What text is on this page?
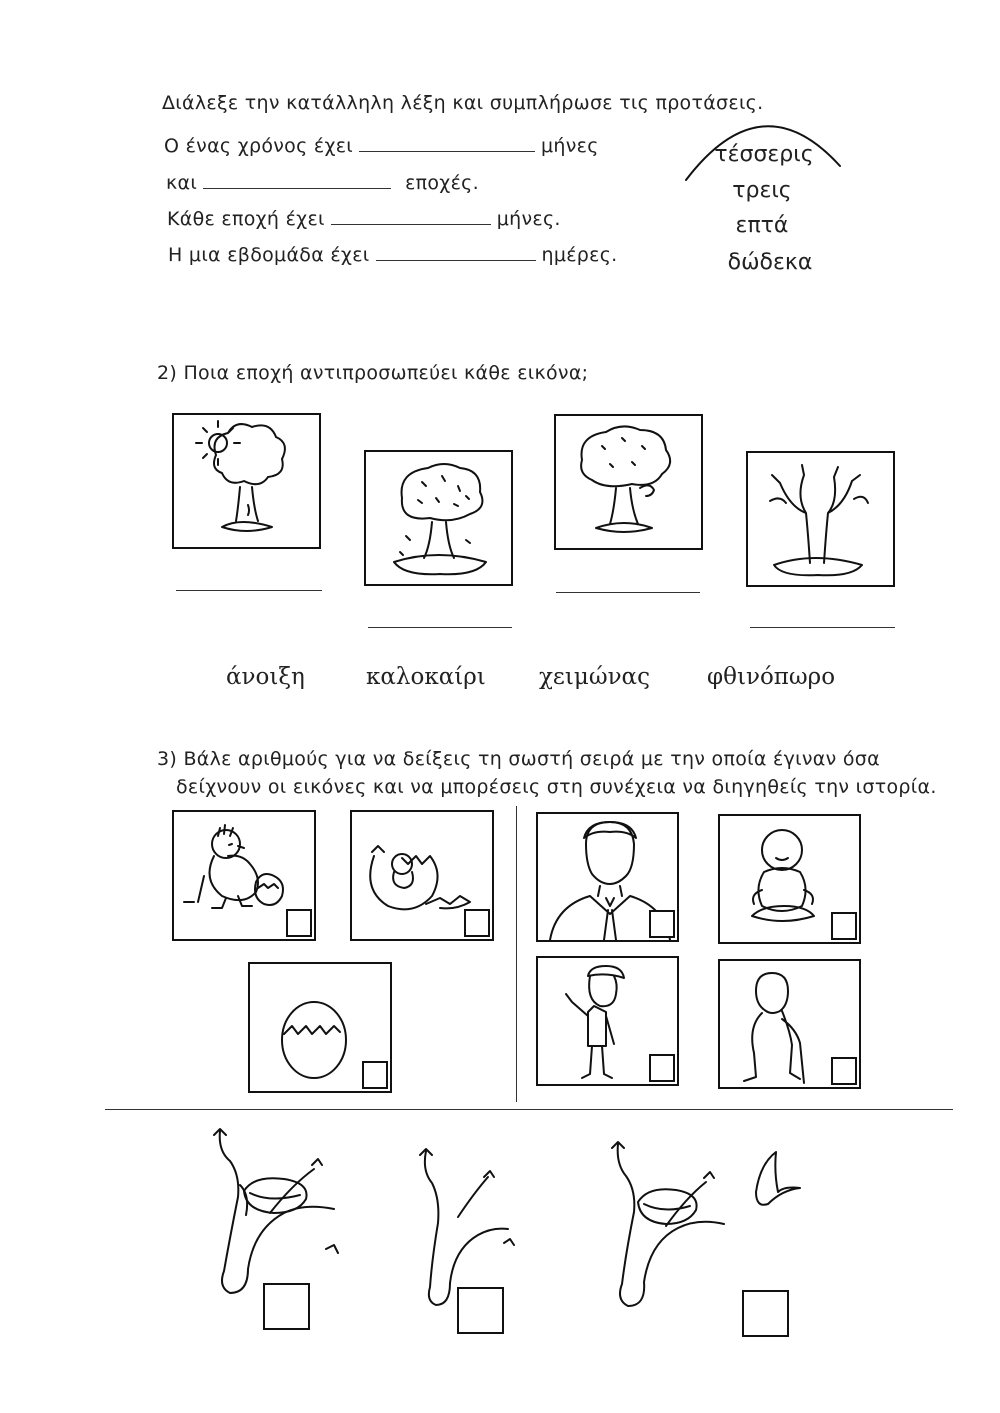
Διάλεξε την κατάλληλη λέξη και συμπλήρωσε τις προτάσεις.
Ο ένας χρόνος έχει	μήνες
και	εποχές.
Κάθε εποχή έχει	μήνες.
Η μια εβδομάδα έχει	ημέρες.
τέσσερις
τρεις
επτά
δώδεκα
2) Ποια εποχή αντιπροσωπεύει κάθε εικόνα;
άνοιξη	καλοκαίρι χειμώνας φθινόπωρο
3) Βάλε αριθμούς για να δείξεις τη σωστή σειρά με την οποία έγιναν όσα
δείχνουν οι εικόνες και να μπορέσεις στη συνέχεια να διηγηθείς την ιστορία.
